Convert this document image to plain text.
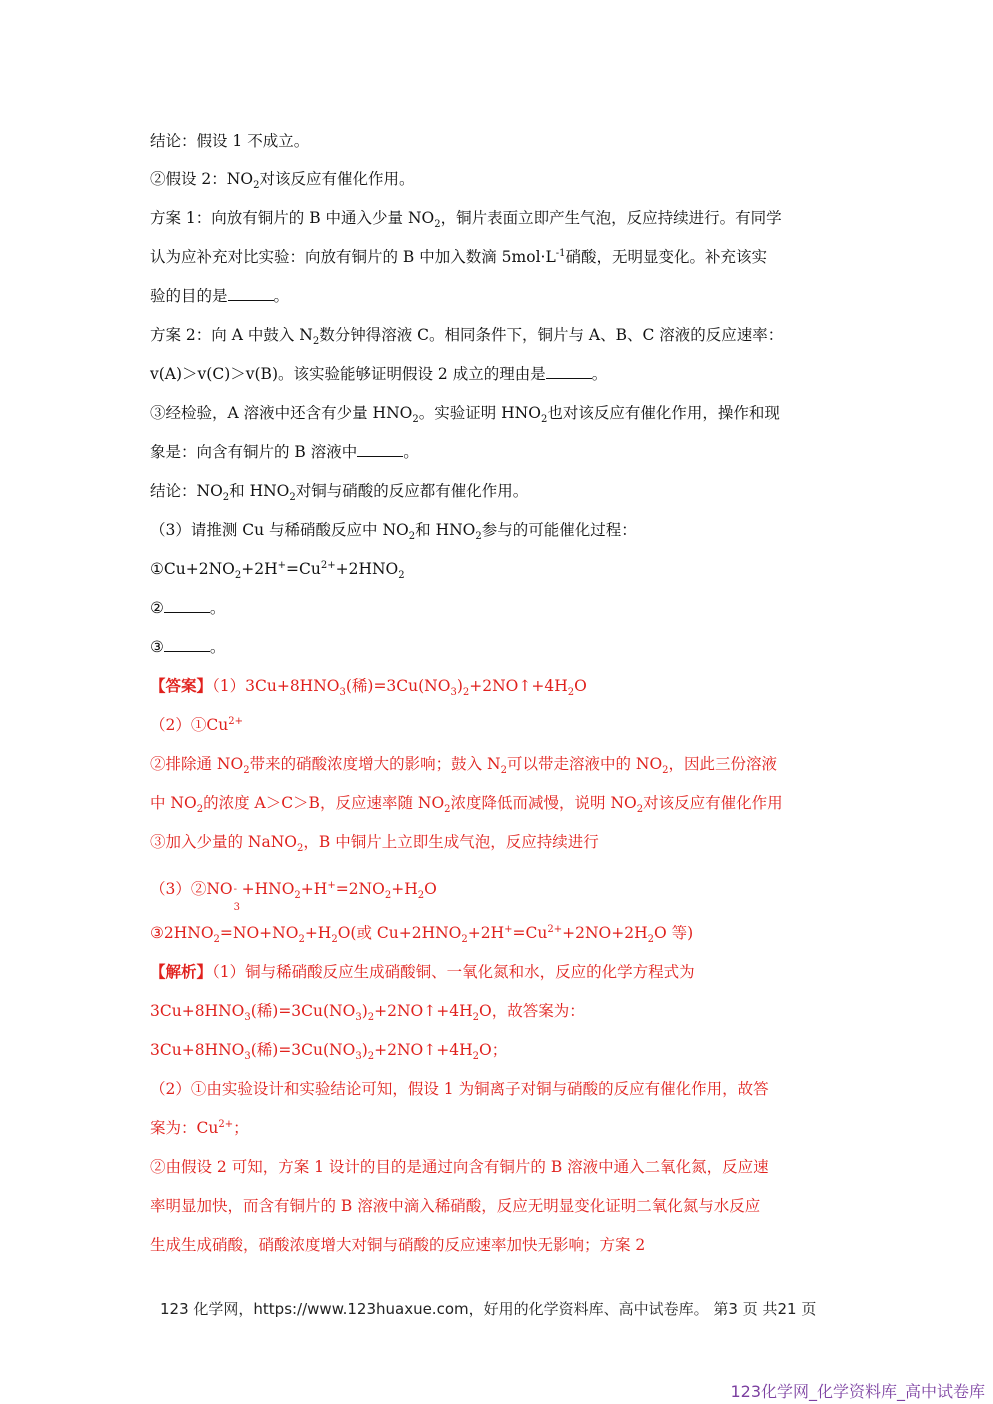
结论：假设 1 不成立。
②假设 2：$NO_2$对该反应有催化作用。
方案 1：向放有铜片的 B 中通入少量 $NO_2$，铜片表面立即产生气泡，反应持续进行。有同学
认为应补充对比实验：向放有铜片的 B 中加入数滴 $5mol\cdot L^{-1}$硝酸，无明显变化。补充该实
验的目的是	。
方案 2：向 A 中鼓入 $N_2$数分钟得溶液 C。相同条件下，铜片与 A、B、C 溶液的反应速率：
v(A)＞v(C)＞v(B)。该实验能够证明假设 2 成立的理由是	。
③经检验，A 溶液中还含有少量 $HNO_2$。实验证明 $HNO_2$也对该反应有催化作用，操作和现
象是：向含有铜片的 B 溶液中	。
结论：$NO_2$和 $HNO_2$对铜与硝酸的反应都有催化作用。
（3）请推测 Cu 与稀硝酸反应中 $NO_2$和 $HNO_2$参与的可能催化过程：
$①Cu+2NO_2+2H^+=Cu^{2+}+2HNO_2$
②	。
③	。
【答案】$(1)3Cu+8HNO_3$(稀)$=3Cu(NO_3)_2+2NO↑+4H_2O$
$(2)①Cu^{2+}$
②排除通 $NO_2$带来的硝酸浓度增大的影响；鼓入 $N_2$可以带走溶液中的 $NO_2$，因此三份溶液
中 $NO_2$的浓度 A＞C＞B，反应速率随 $NO_2$浓度降低而减慢，说明 $NO_2$对该反应有催化作用
③加入少量的 NaNO$_2$，B 中铜片上立即生成气泡，反应持续进行
（3）②NO -
3
$+HNO_2+H^+=2NO_2+H_2O$
$③2HNO_2=NO+NO_2+H_2O$(或 $Cu+2HNO_2+2H^+=Cu^{2+}+2NO+2H_2O$ 等)
【解析】（1）铜与稀硝酸反应生成硝酸铜、一氧化氮和水，反应的化学方程式为
$3Cu+8HNO_3$(稀)$=3Cu(NO_3)_2+2NO↑+4H_2O$，故答案为：
$3Cu+8HNO_3$(稀)$=3Cu(NO_3)_2+2NO↑+4H_2O$；
（2）①由实验设计和实验结论可知，假设 1 为铜离子对铜与硝酸的反应有催化作用，故答
案为：$Cu^{2+}$；
②由假设 2 可知，方案 1 设计的目的是通过向含有铜片的 B 溶液中通入二氧化氮，反应速
率明显加快，而含有铜片的 B 溶液中滴入稀硝酸，反应无明显变化证明二氧化氮与水反应
生成生成硝酸，硝酸浓度增大对铜与硝酸的反应速率加快无影响；方案 2
123 化学网，https://www.123huaxue.com，好用的化学资料库、高中试卷库。 第3 页 共21 页
123化学网_化学资料库_高中试卷库
